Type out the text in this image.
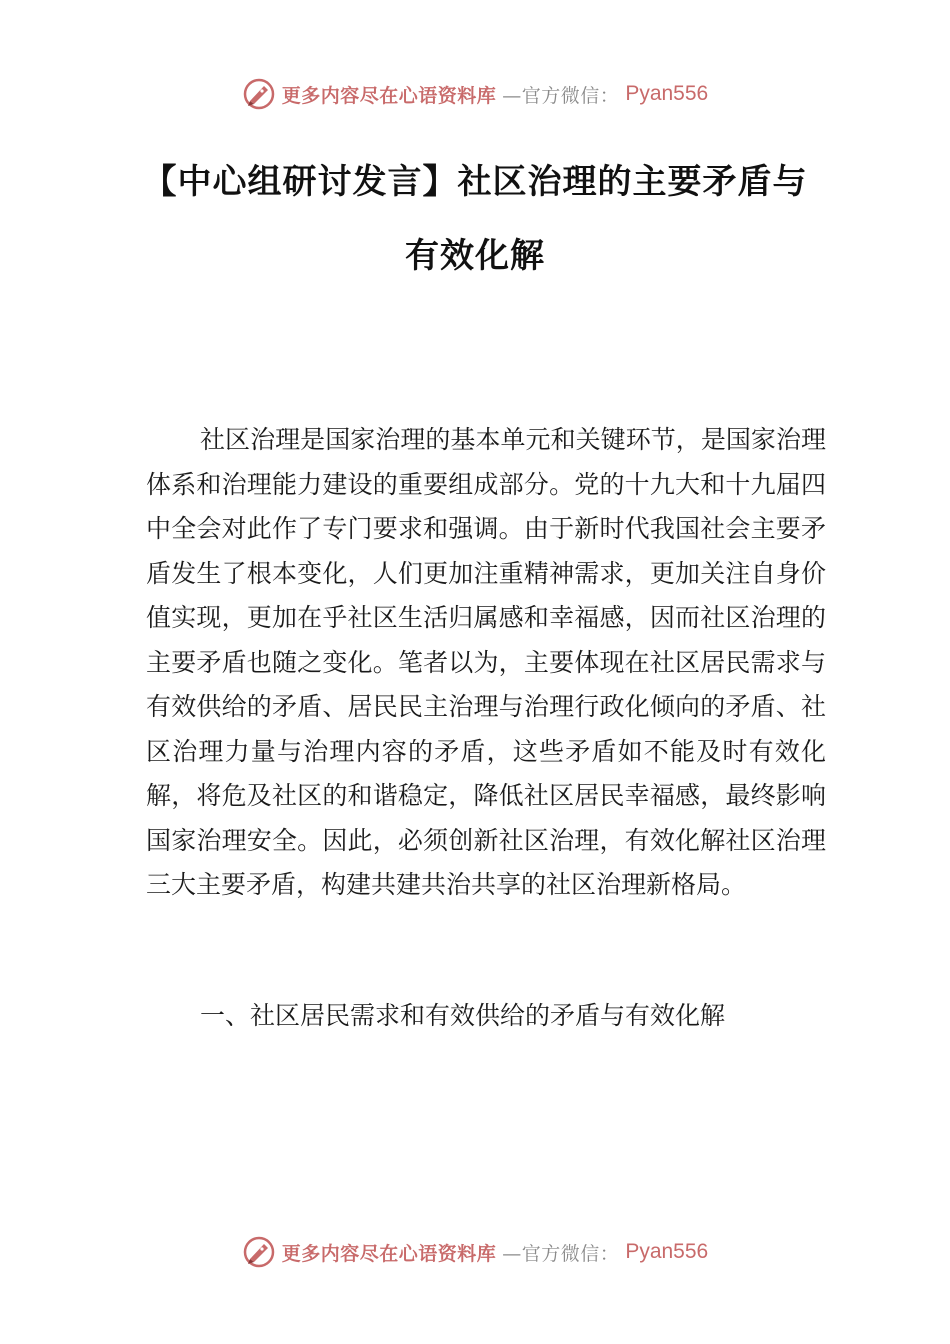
更多内容尽在心语资料库 —官方微信： Pyan556
【中心组研讨发言】社区治理的主要矛盾与
有效化解

社区治理是国家治理的基本单元和关键环节，是国家治理体系和治理能力建设的重要组成部分。党的十九大和十九届四中全会对此作了专门要求和强调。由于新时代我国社会主要矛盾发生了根本变化，人们更加注重精神需求，更加关注自身价值实现，更加在乎社区生活归属感和幸福感，因而社区治理的主要矛盾也随之变化。笔者以为，主要体现在社区居民需求与有效供给的矛盾、居民民主治理与治理行政化倾向的矛盾、社区治理力量与治理内容的矛盾，这些矛盾如不能及时有效化解，将危及社区的和谐稳定，降低社区居民幸福感，最终影响国家治理安全。因此，必须创新社区治理，有效化解社区治理三大主要矛盾，构建共建共治共享的社区治理新格局。

一、社区居民需求和有效供给的矛盾与有效化解

更多内容尽在心语资料库 —官方微信： Pyan556
